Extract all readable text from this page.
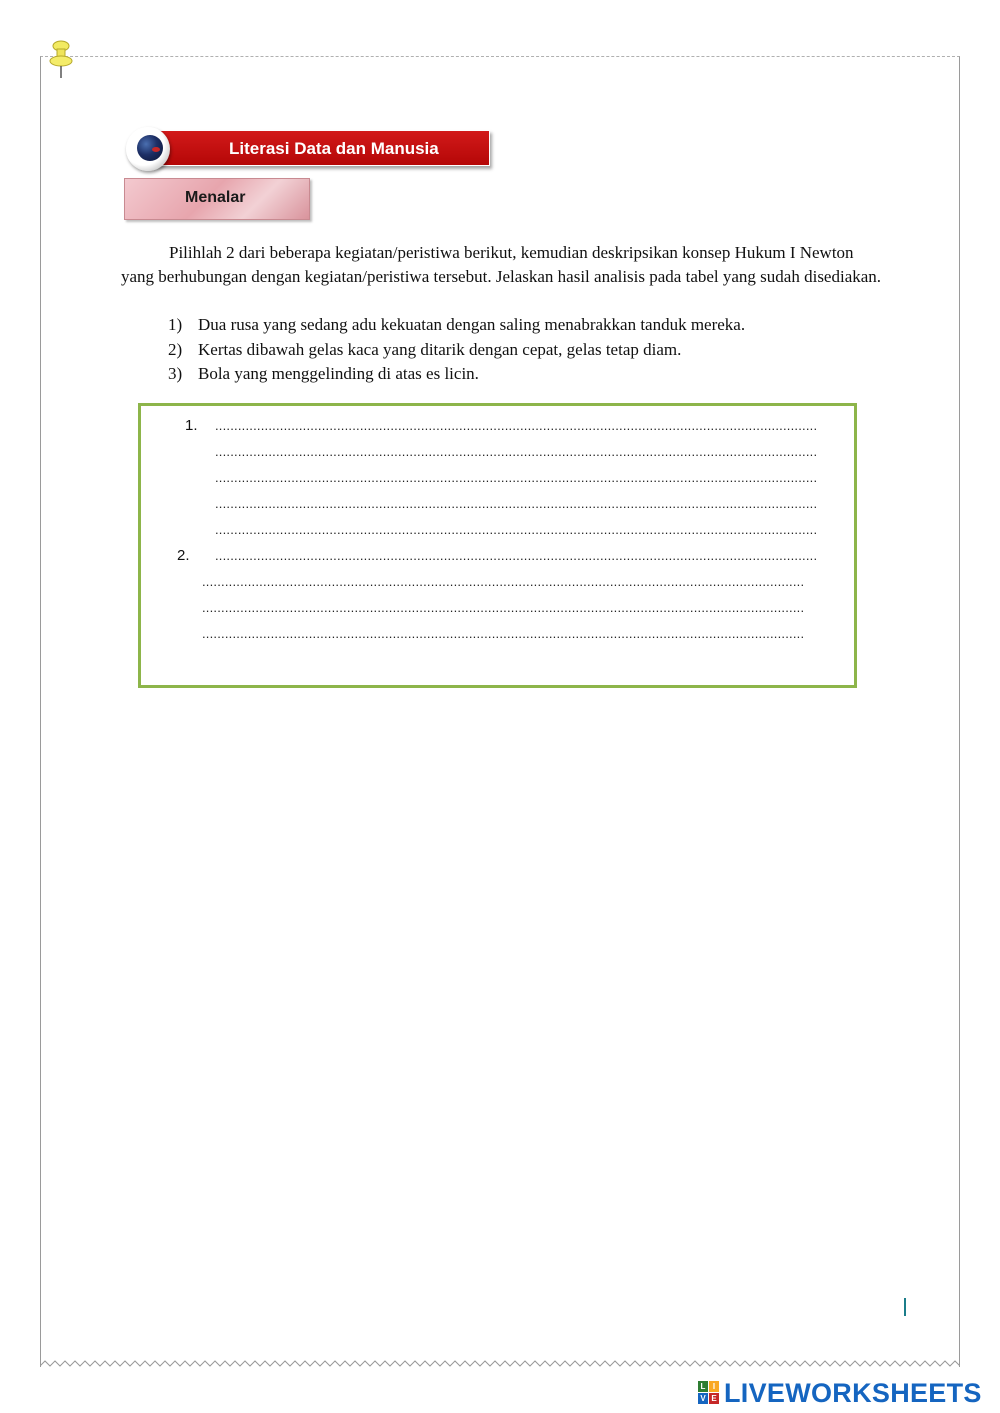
Literasi Data dan Manusia
Menalar

Pilihlah 2 dari beberapa kegiatan/peristiwa berikut, kemudian deskripsikan konsep Hukum I Newton yang berhubungan dengan kegiatan/peristiwa tersebut. Jelaskan hasil analisis pada tabel yang sudah disediakan.

1) Dua rusa yang sedang adu kekuatan dengan saling menabrakkan tanduk mereka.
2) Kertas dibawah gelas kaca yang ditarik dengan cepat, gelas tetap diam.
3) Bola yang menggelinding di atas es licin.
1. ..............................................................................................................................................................
..............................................................................................................................................................
..............................................................................................................................................................
..............................................................................................................................................................
..............................................................................................................................................................
2. ..............................................................................................................................................................
..............................................................................................................................................................
..............................................................................................................................................................
..............................................................................................................................................................
L I
V E LIVEWORKSHEETS
